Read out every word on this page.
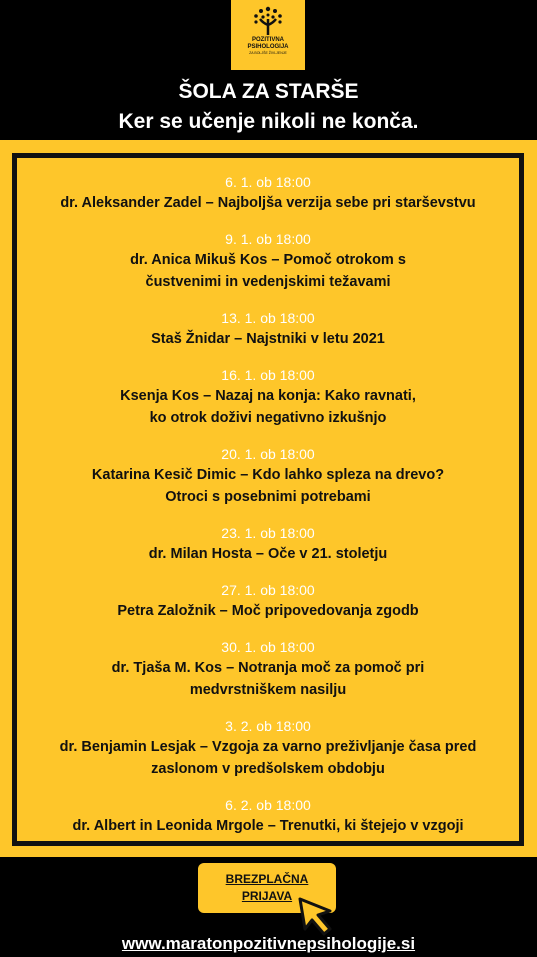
POZITIVNA
PSIHOLOGIJA
ZA BOLJŠE ŽIVLJENJE
ŠOLA ZA STARŠE
Ker se učenje nikoli ne konča.
6. 1. ob 18:00
dr. Aleksander Zadel – Najboljša verzija sebe pri starševstvu
9. 1. ob 18:00
dr. Anica Mikuš Kos – Pomoč otrokom s
čustvenimi in vedenjskimi težavami
13. 1. ob 18:00
Staš Žnidar – Najstniki v letu 2021
16. 1. ob 18:00
Ksenja Kos – Nazaj na konja: Kako ravnati,
ko otrok doživi negativno izkušnjo
20. 1. ob 18:00
Katarina Kesič Dimic – Kdo lahko spleza na drevo?
Otroci s posebnimi potrebami
23. 1. ob 18:00
dr. Milan Hosta – Oče v 21. stoletju
27. 1. ob 18:00
Petra Založnik – Moč pripovedovanja zgodb
30. 1. ob 18:00
dr. Tjaša M. Kos – Notranja moč za pomoč pri
medvrstniškem nasilju
3. 2. ob 18:00
dr. Benjamin Lesjak – Vzgoja za varno preživljanje časa pred
zaslonom v predšolskem obdobju
6. 2. ob 18:00
dr. Albert in Leonida Mrgole – Trenutki, ki štejejo v vzgoji
BREZPLAČNA
PRIJAVA
www.maratonpozitivnepsihologije.si
